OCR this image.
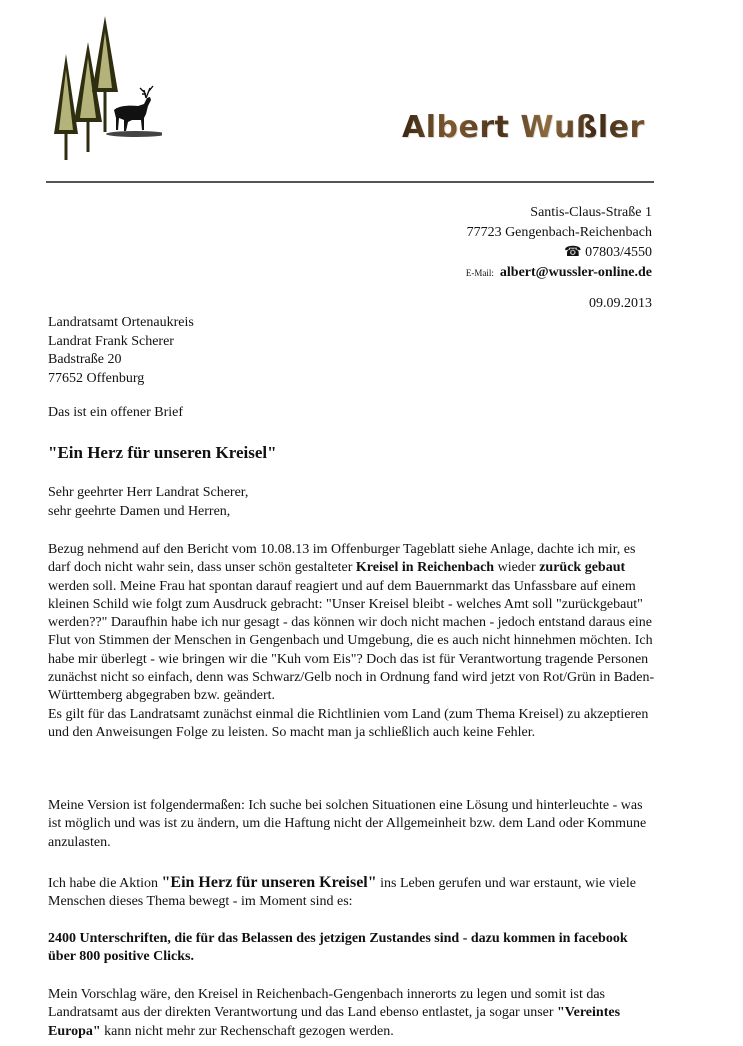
Albert Wußler
Santis-Claus-Straße 1
77723 Gengenbach-Reichenbach
☎ 07803/4550
E-Mail: albert@wussler-online.de
09.09.2013
Landratsamt Ortenaukreis
Landrat Frank Scherer
Badstraße 20
77652 Offenburg
Das ist ein offener Brief
"Ein Herz für unseren Kreisel"
Sehr geehrter Herr Landrat Scherer,
sehr geehrte Damen und Herren,
Bezug nehmend auf den Bericht vom 10.08.13 im Offenburger Tageblatt siehe Anlage, dachte ich mir, es darf doch nicht wahr sein, dass unser schön gestalteter Kreisel in Reichenbach wieder zurück gebaut werden soll. Meine Frau hat spontan darauf reagiert und auf dem Bauernmarkt das Unfassbare auf einem kleinen Schild wie folgt zum Ausdruck gebracht: "Unser Kreisel bleibt - welches Amt soll "zurückgebaut" werden??" Daraufhin habe ich nur gesagt - das können wir doch nicht machen - jedoch entstand daraus eine Flut von Stimmen der Menschen in Gengenbach und Umgebung, die es auch nicht hinnehmen möchten. Ich habe mir überlegt - wie bringen wir die "Kuh vom Eis"? Doch das ist für Verantwortung tragende Personen zunächst nicht so einfach, denn was Schwarz/Gelb noch in Ordnung fand wird jetzt von Rot/Grün in Baden-Württemberg abgegraben bzw. geändert.
Es gilt für das Landratsamt zunächst einmal die Richtlinien vom Land (zum Thema Kreisel) zu akzeptieren und den Anweisungen Folge zu leisten. So macht man ja schließlich auch keine Fehler.
Meine Version ist folgendermaßen: Ich suche bei solchen Situationen eine Lösung und hinterleuchte - was ist möglich und was ist zu ändern, um die Haftung nicht der Allgemeinheit bzw. dem Land oder Kommune anzulasten.
Ich habe die Aktion "Ein Herz für unseren Kreisel" ins Leben gerufen und war erstaunt, wie viele Menschen dieses Thema bewegt - im Moment sind es:
2400 Unterschriften, die für das Belassen des jetzigen Zustandes sind - dazu kommen in facebook über 800 positive Clicks.
Mein Vorschlag wäre, den Kreisel in Reichenbach-Gengenbach innerorts zu legen und somit ist das Landratsamt aus der direkten Verantwortung und das Land ebenso entlastet, ja sogar unser "Vereintes Europa" kann nicht mehr zur Rechenschaft gezogen werden.
